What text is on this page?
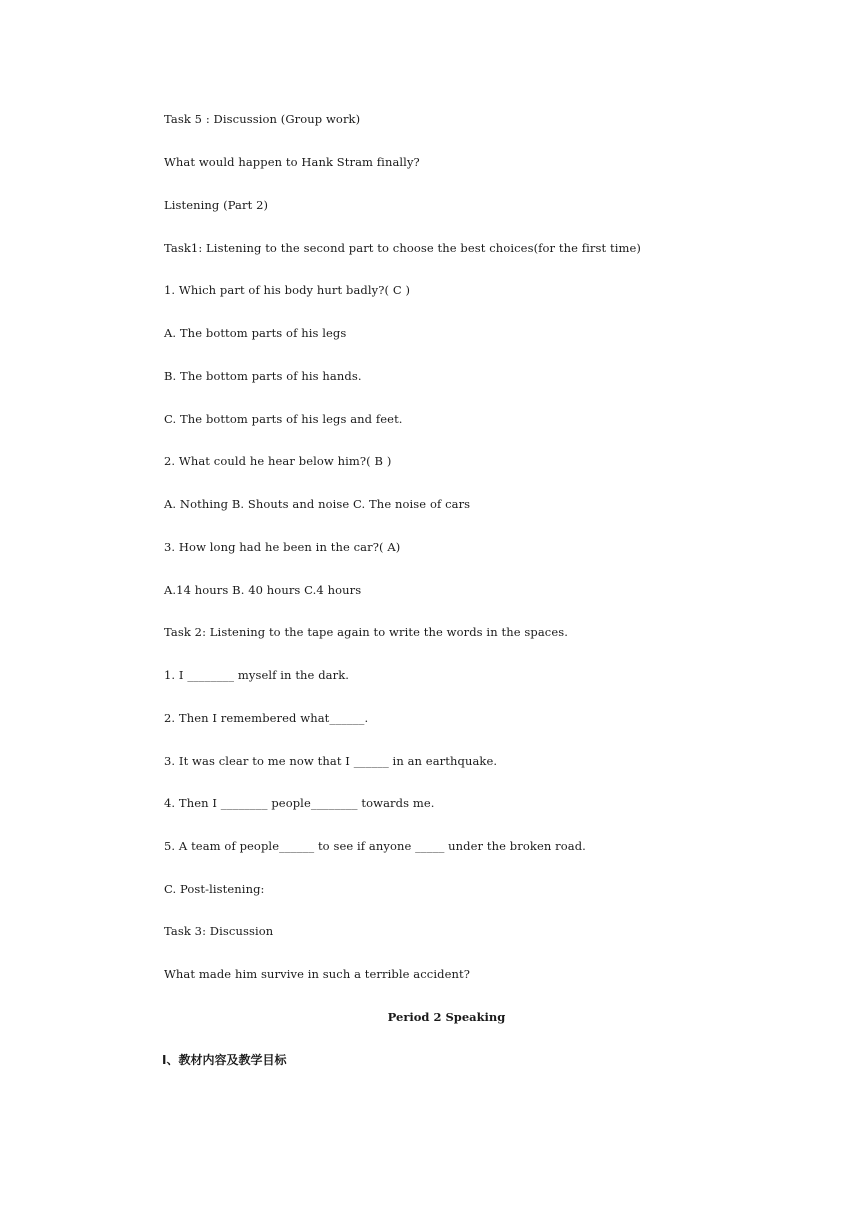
Task 5 : Discussion (Group work)
What would happen to Hank Stram finally?
Listening (Part 2)
Task1: Listening to the second part to choose the best choices(for the first time)
1. Which part of his body hurt badly?( C )
A. The bottom parts of his legs
B. The bottom parts of his hands.
C. The bottom parts of his legs and feet.
2. What could he hear below him?( B )
A. Nothing B. Shouts and noise C. The noise of cars
3. How long had he been in the car?( A)
A.14 hours B. 40 hours C.4 hours
Task 2: Listening to the tape again to write the words in the spaces.
1. I ________ myself in the dark.
2. Then I remembered what______.
3. It was clear to me now that I ______ in an earthquake.
4. Then I ________ people________ towards me.
5. A team of people______ to see if anyone _____ under the broken road.
C. Post-listening:
Task 3: Discussion
What made him survive in such a terrible accident?
Period 2 Speaking
Ⅰ、教材内容及教学目标
